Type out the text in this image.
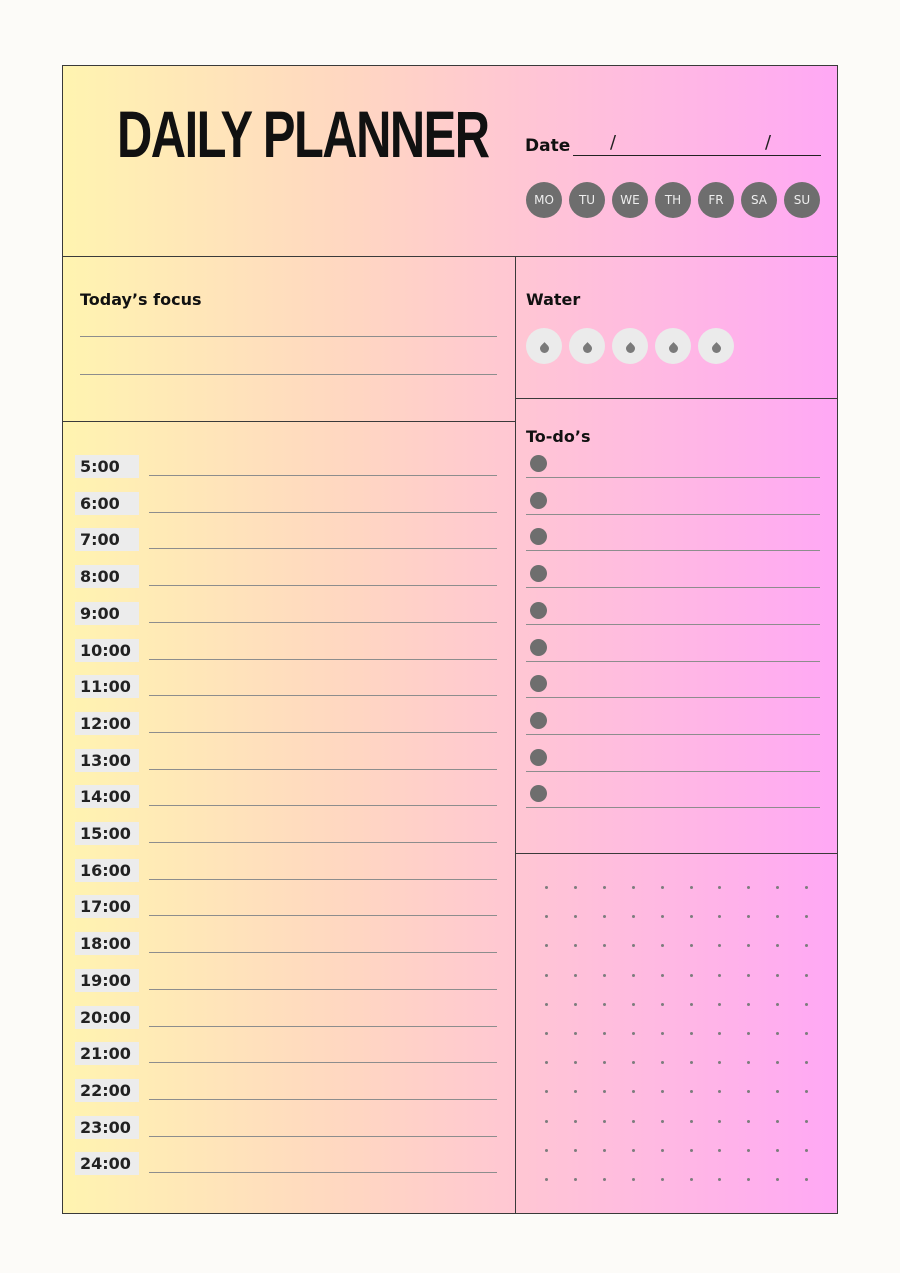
DAILY PLANNER Date /	/
MO	TU	WE	TH	FR	SA	SU
Today’s focus	Water
To-do’s
5:00
6:00
7:00
8:00
9:00
10:00
11:00
12:00
13:00
14:00
15:00
16:00
17:00
18:00
19:00
20:00
21:00
22:00
23:00
24:00
